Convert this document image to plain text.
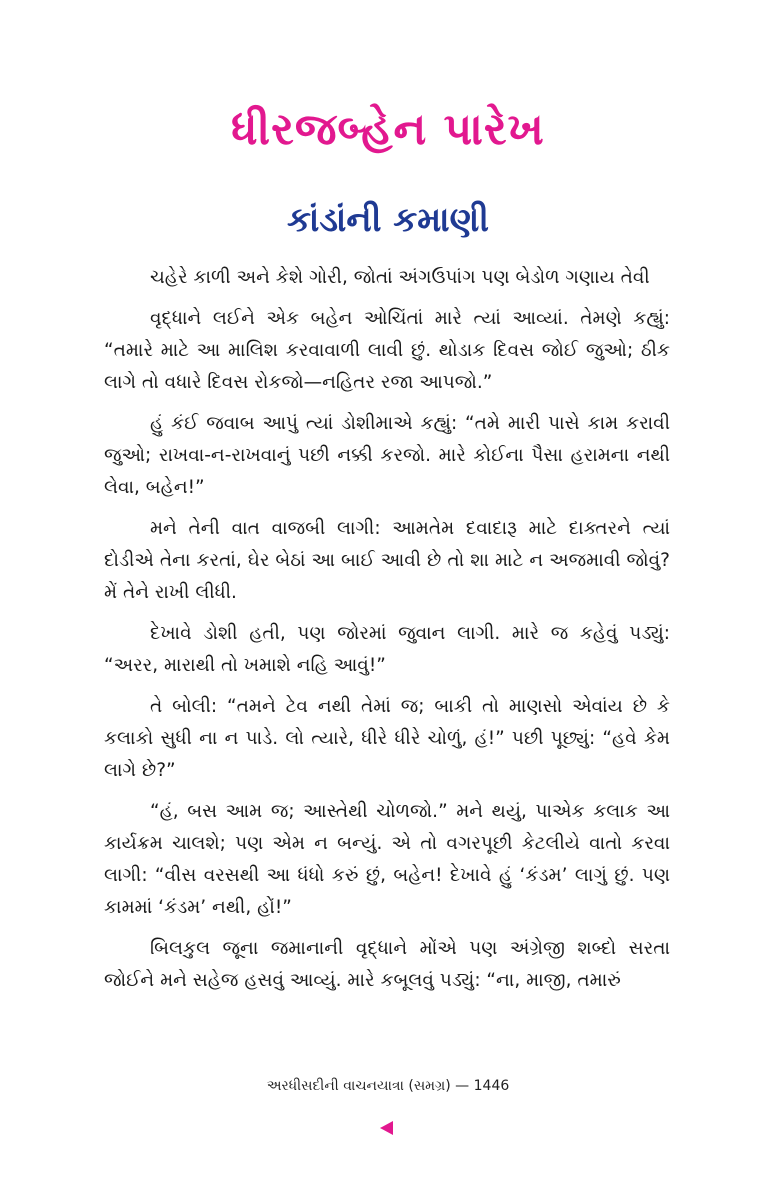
ધીરજબ્હેન પારેખ
કાંડાંની કમાણી

ચહેરે કાળી અને કેશે ગોરી, જોતાં અંગઉપાંગ પણ બેડોળ ગણાય તેવી

વૃદ્ધાને લઈને એક બહેન ઓચિંતાં મારે ત્યાં આવ્યાં. તેમણે કહ્યું: “તમારે માટે આ માલિશ કરવાવાળી લાવી છું. થોડાક દિવસ જોઈ જુઓ; ઠીક લાગે તો વધારે દિવસ રોકજો—નહિતર રજા આપજો.”

હું કંઈ જવાબ આપું ત્યાં ડોશીમાએ કહ્યું: “તમે મારી પાસે કામ કરાવી જુઓ; રાખવા-ન-રાખવાનું પછી નક્કી કરજો. મારે કોઈના પૈસા હરામના નથી લેવા, બહેન!”

મને તેની વાત વાજબી લાગી: આમતેમ દવાદારૂ માટે દાક્તરને ત્યાં દોડીએ તેના કરતાં, ઘેર બેઠાં આ બાઈ આવી છે તો શા માટે ન અજમાવી જોવું? મેં તેને રાખી લીધી.

દેખાવે ડોશી હતી, પણ જોરમાં જુવાન લાગી. મારે જ કહેવું પડ્યું: “અરર, મારાથી તો ખમાશે નહિ આવું!”

તે બોલી: “તમને ટેવ નથી તેમાં જ; બાકી તો માણસો એવાંય છે કે કલાકો સુધી ના ન પાડે. લો ત્યારે, ધીરે ધીરે ચોળું, હં!” પછી પૂછ્યું: “હવે કેમ લાગે છે?”

“હં, બસ આમ જ; આસ્તેથી ચોળજો.” મને થયું, પાએક કલાક આ કાર્યક્રમ ચાલશે; પણ એમ ન બન્યું. એ તો વગરપૂછી કેટલીયે વાતો કરવા લાગી: “વીસ વરસથી આ ધંધો કરું છું, બહેન! દેખાવે હું ‘કંડમ’ લાગું છું. પણ કામમાં ‘કંડમ’ નથી, હોં!”

બિલકુલ જૂના જમાનાની વૃદ્ધાને મોંએ પણ અંગ્રેજી શબ્દો સરતા જોઈને મને સહેજ હસવું આવ્યું. મારે કબૂલવું પડ્યું: “ના, માજી, તમારું

અરધીસદીની વાચનયાત્રા (સમગ્ર) — 1446
